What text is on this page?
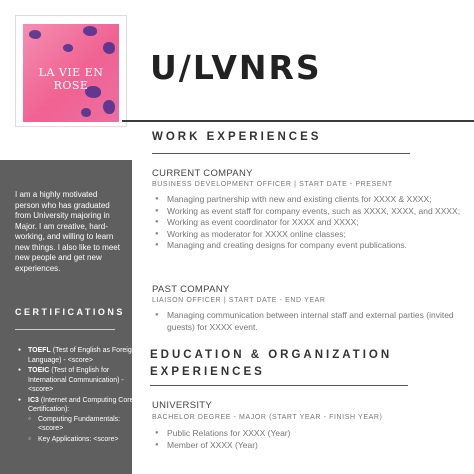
LA VIE EN ROSE	U/LVNRS
I am a highly motivated person who has graduated from University majoring in Major. I am creative, hard-working, and willing to learn new things. I also like to meet new people and get new experiences.
CERTIFICATIONS
● TOEFL (Test of English as Foreign Language) - <score>
● TOEIC (Test of English for International Communication) - <score>
● IC3 (Internet and Computing Core Certification):
○ Computing Fundamentals: <score>
○ Key Applications: <score>
WORK EXPERIENCES
CURRENT COMPANY
BUSINESS DEVELOPMENT OFFICER | START DATE - PRESENT
● Managing partnership with new and existing clients for XXXX & XXXX;
● Working as event staff for company events, such as XXXX, XXXX, and XXXX;
● Working as event coordinator for XXXX and XXXX;
● Working as moderator for XXXX online classes;
● Managing and creating designs for company event publications.
PAST COMPANY
LIAISON OFFICER | START DATE - END YEAR
● Managing communication between internal staff and external parties (invited guests) for XXXX event.
EDUCATION & ORGANIZATION
EXPERIENCES
UNIVERSITY
BACHELOR DEGREE - MAJOR (START YEAR - FINISH YEAR)
● Public Relations for XXXX (Year)
● Member of XXXX (Year)
